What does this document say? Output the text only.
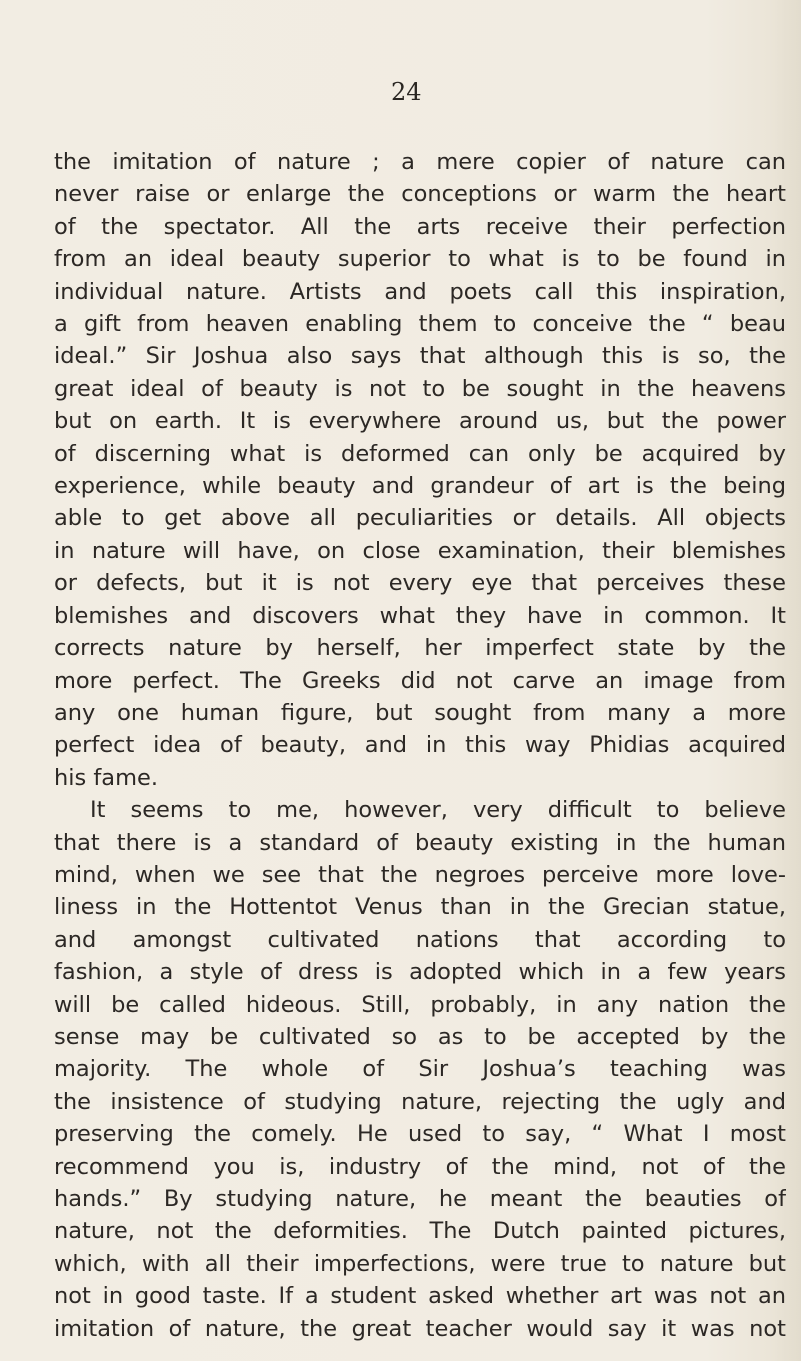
24
the imitation of nature ; a mere copier of nature can
never raise or enlarge the conceptions or warm the heart
of the spectator. All the arts receive their perfection
from an ideal beauty superior to what is to be found in
individual nature. Artists and poets call this inspiration,
a gift from heaven enabling them to conceive the “ beau
ideal.” Sir Joshua also says that although this is so, the
great ideal of beauty is not to be sought in the heavens
but on earth. It is everywhere around us, but the power
of discerning what is deformed can only be acquired by
experience, while beauty and grandeur of art is the being
able to get above all peculiarities or details. All objects
in nature will have, on close examination, their blemishes
or defects, but it is not every eye that perceives these
blemishes and discovers what they have in common. It
corrects nature by herself, her imperfect state by the
more perfect. The Greeks did not carve an image from
any one human figure, but sought from many a more
perfect idea of beauty, and in this way Phidias acquired
his fame.
It seems to me, however, very difficult to believe
that there is a standard of beauty existing in the human
mind, when we see that the negroes perceive more love-
liness in the Hottentot Venus than in the Grecian statue,
and amongst cultivated nations that according to
fashion, a style of dress is adopted which in a few years
will be called hideous. Still, probably, in any nation the
sense may be cultivated so as to be accepted by the
majority. The whole of Sir Joshua’s teaching was
the insistence of studying nature, rejecting the ugly and
preserving the comely. He used to say, “ What I most
recommend you is, industry of the mind, not of the
hands.” By studying nature, he meant the beauties of
nature, not the deformities. The Dutch painted pictures,
which, with all their imperfections, were true to nature but
not in good taste. If a student asked whether art was not an
imitation of nature, the great teacher would say it was not
